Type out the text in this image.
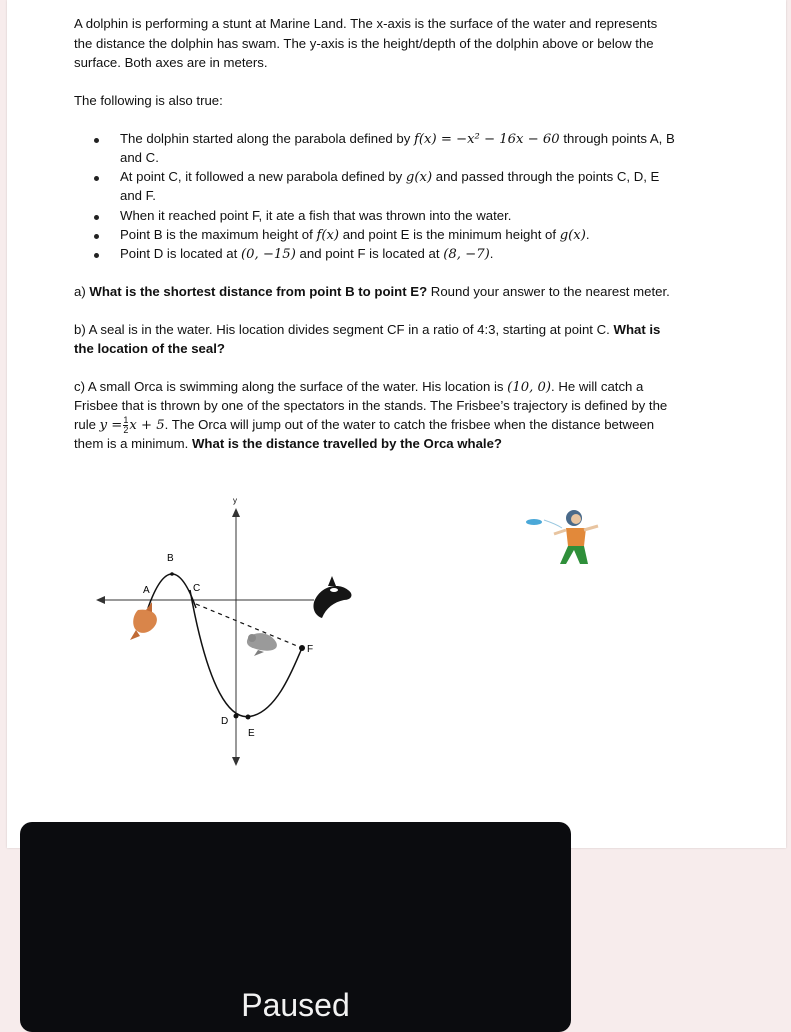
A dolphin is performing a stunt at Marine Land. The x-axis is the surface of the water and represents
the distance the dolphin has swam. The y-axis is the height/depth of the dolphin above or below the
surface. Both axes are in meters.
The following is also true:
The dolphin started along the parabola defined by f(x) = −x² − 16x − 60 through points A, B
and C.
At point C, it followed a new parabola defined by g(x) and passed through the points C, D, E
and F.
When it reached point F, it ate a fish that was thrown into the water.
Point B is the maximum height of f(x) and point E is the minimum height of g(x).
Point D is located at (0, −15) and point F is located at (8, −7).
a) What is the shortest distance from point B to point E? Round your answer to the nearest meter.
b) A seal is in the water. His location divides segment CF in a ratio of 4:3, starting at point C. What is
the location of the seal?
c) A small Orca is swimming along the surface of the water. His location is (10, 0). He will catch a
Frisbee that is thrown by one of the spectators in the stands. The Frisbee’s trajectory is defined by the
rule $y = \frac{1}{2}$ x + 5. The Orca will jump out of the water to catch the frisbee when the distance between
them is a minimum. What is the distance travelled by the Orca whale?
y
A
B
C
D
E
F
Paused
